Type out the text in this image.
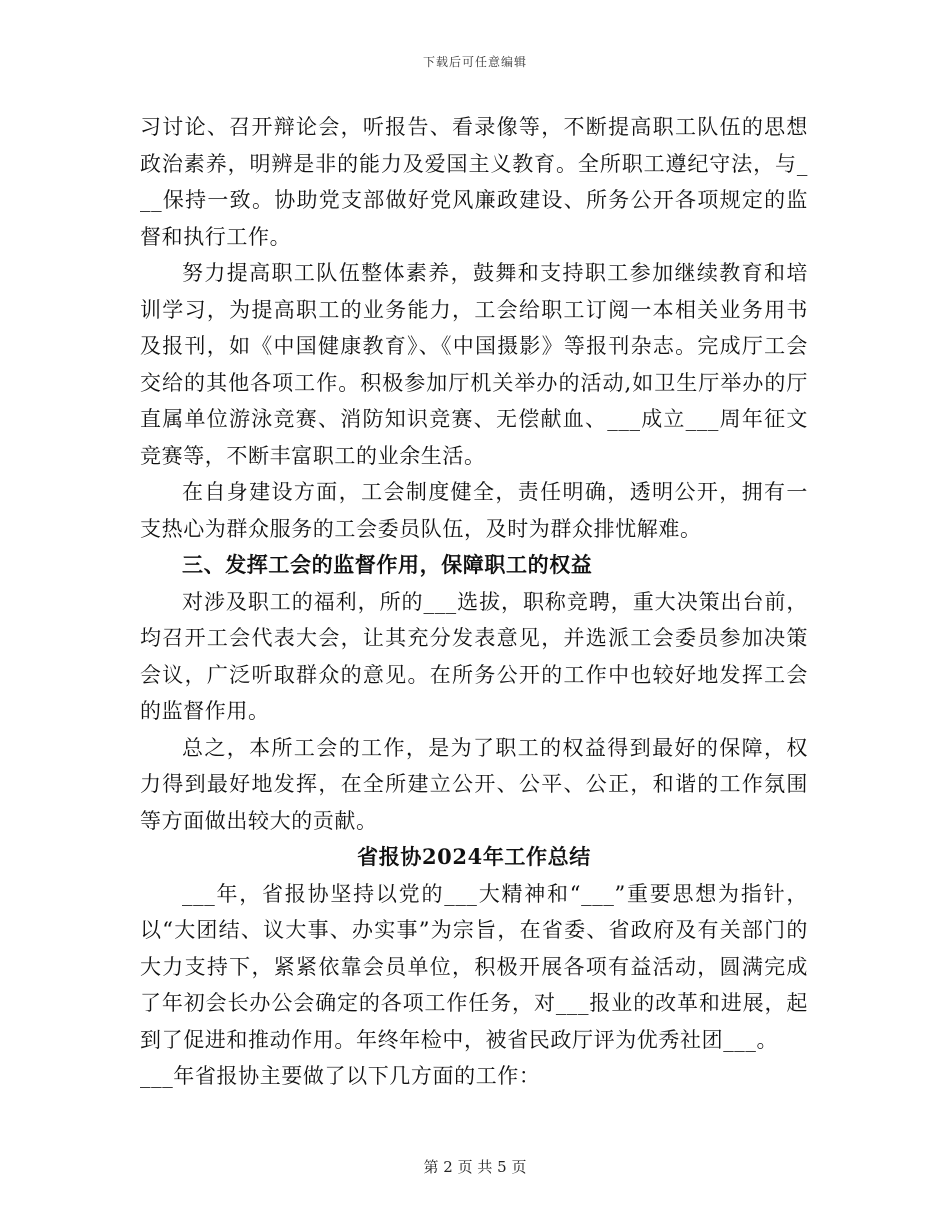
下载后可任意编辑

习讨论、召开辩论会，听报告、看录像等，不断提高职工队伍的思想政治素养，明辨是非的能力及爱国主义教育。全所职工遵纪守法，与___保持一致。协助党支部做好党风廉政建设、所务公开各项规定的监督和执行工作。

努力提高职工队伍整体素养，鼓舞和支持职工参加继续教育和培训学习，为提高职工的业务能力，工会给职工订阅一本相关业务用书及报刊，如《中国健康教育》、《中国摄影》等报刊杂志。完成厅工会交给的其他各项工作。积极参加厅机关举办的活动,如卫生厅举办的厅直属单位游泳竞赛、消防知识竞赛、无偿献血、___成立___周年征文竞赛等，不断丰富职工的业余生活。

在自身建设方面，工会制度健全，责任明确，透明公开，拥有一支热心为群众服务的工会委员队伍，及时为群众排忧解难。

三、发挥工会的监督作用，保障职工的权益

对涉及职工的福利，所的___选拔，职称竞聘，重大决策出台前，均召开工会代表大会，让其充分发表意见，并选派工会委员参加决策会议，广泛听取群众的意见。在所务公开的工作中也较好地发挥工会的监督作用。

总之，本所工会的工作，是为了职工的权益得到最好的保障，权力得到最好地发挥，在全所建立公开、公平、公正，和谐的工作氛围等方面做出较大的贡献。

省报协2024年工作总结

___年，省报协坚持以党的___大精神和“___”重要思想为指针，以“大团结、议大事、办实事”为宗旨，在省委、省政府及有关部门的大力支持下，紧紧依靠会员单位，积极开展各项有益活动，圆满完成了年初会长办公会确定的各项工作任务，对___报业的改革和进展，起到了促进和推动作用。年终年检中，被省民政厅评为优秀社团___。

___年省报协主要做了以下几方面的工作：

第 2 页 共 5 页
